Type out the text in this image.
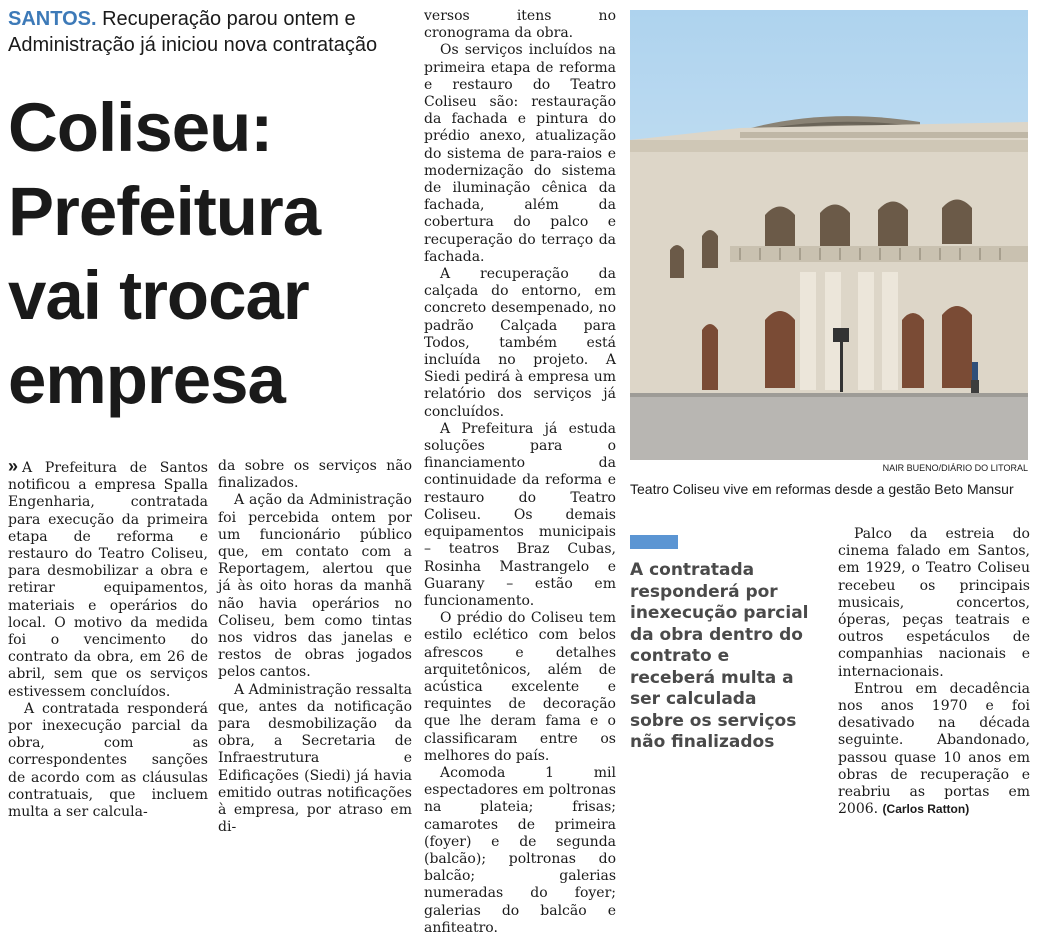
SANTOS. Recuperação parou ontem e Administração já iniciou nova contratação
Coliseu:
Prefeitura
vai trocar
empresa

» A Prefeitura de Santos notificou a empresa Spalla Engenharia, contratada para execução da primeira etapa de reforma e restauro do Teatro Coliseu, para desmobilizar a obra e retirar equipamentos, materiais e operários do local. O motivo da medida foi o vencimento do contrato da obra, em 26 de abril, sem que os serviços estivessem concluídos.

A contratada responderá por inexecução parcial da obra, com as correspondentes sanções de acordo com as cláusulas contratuais, que incluem multa a ser calcula-

da sobre os serviços não finalizados.

A ação da Administração foi percebida ontem por um funcionário público que, em contato com a Reportagem, alertou que já às oito horas da manhã não havia operários no Coliseu, bem como tintas nos vidros das janelas e restos de obras jogados pelos cantos.

A Administração ressalta que, antes da notificação para desmobilização da obra, a Secretaria de Infraestrutura e Edificações (Siedi) já havia emitido outras notificações à empresa, por atraso em di-

versos itens no cronograma da obra.

Os serviços incluídos na primeira etapa de reforma e restauro do Teatro Coliseu são: restauração da fachada e pintura do prédio anexo, atualização do sistema de para-raios e modernização do sistema de iluminação cênica da fachada, além da cobertura do palco e recuperação do terraço da fachada.

A recuperação da calçada do entorno, em concreto desempenado, no padrão Calçada para Todos, também está incluída no projeto. A Siedi pedirá à empresa um relatório dos serviços já concluídos.

A Prefeitura já estuda soluções para o financiamento da continuidade da reforma e restauro do Teatro Coliseu. Os demais equipamentos municipais – teatros Braz Cubas, Rosinha Mastrangelo e Guarany – estão em funcionamento.

O prédio do Coliseu tem estilo eclético com belos afrescos e detalhes arquitetônicos, além de acústica excelente e requintes de decoração que lhe deram fama e o classificaram entre os melhores do país.

Acomoda 1 mil espectadores em poltronas na plateia; frisas; camarotes de primeira (foyer) e de segunda (balcão); poltronas do balcão; galerias numeradas do foyer; galerias do balcão e anfiteatro.

NAIR BUENO/DIÁRIO DO LITORAL
Teatro Coliseu vive em reformas desde a gestão Beto Mansur
A contratada responderá por inexecução parcial da obra dentro do contrato e receberá multa a ser calculada sobre os serviços não finalizados

Palco da estreia do cinema falado em Santos, em 1929, o Teatro Coliseu recebeu os principais musicais, concertos, óperas, peças teatrais e outros espetáculos de companhias nacionais e internacionais.

Entrou em decadência nos anos 1970 e foi desativado na década seguinte. Abandonado, passou quase 10 anos em obras de recuperação e reabriu as portas em 2006. (Carlos Ratton)
